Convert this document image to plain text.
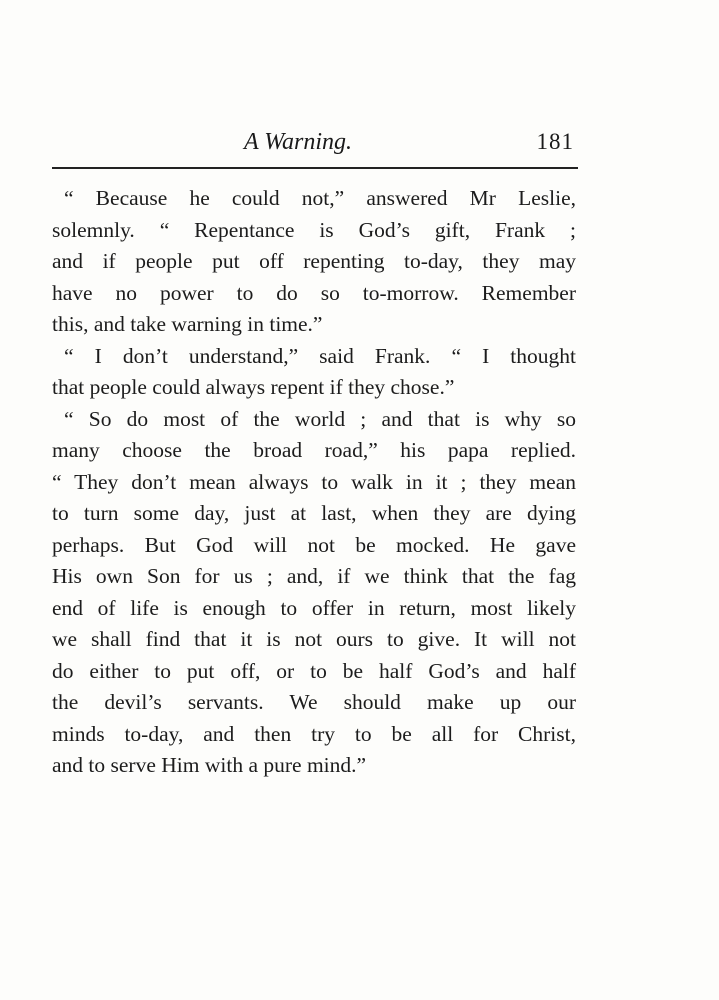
A Warning.	181
“ Because he could not,” answered Mr Leslie,
solemnly. “ Repentance is God’s gift, Frank ;
and if people put off repenting to-day, they may
have no power to do so to-morrow. Remember
this, and take warning in time.”
“ I don’t understand,” said Frank. “ I thought
that people could always repent if they chose.”
“ So do most of the world ; and that is why so
many choose the broad road,” his papa replied.
“ They don’t mean always to walk in it ; they mean
to turn some day, just at last, when they are dying
perhaps. But God will not be mocked. He gave
His own Son for us ; and, if we think that the fag
end of life is enough to offer in return, most likely
we shall find that it is not ours to give. It will not
do either to put off, or to be half God’s and half
the devil’s servants. We should make up our
minds to-day, and then try to be all for Christ,
and to serve Him with a pure mind.”
